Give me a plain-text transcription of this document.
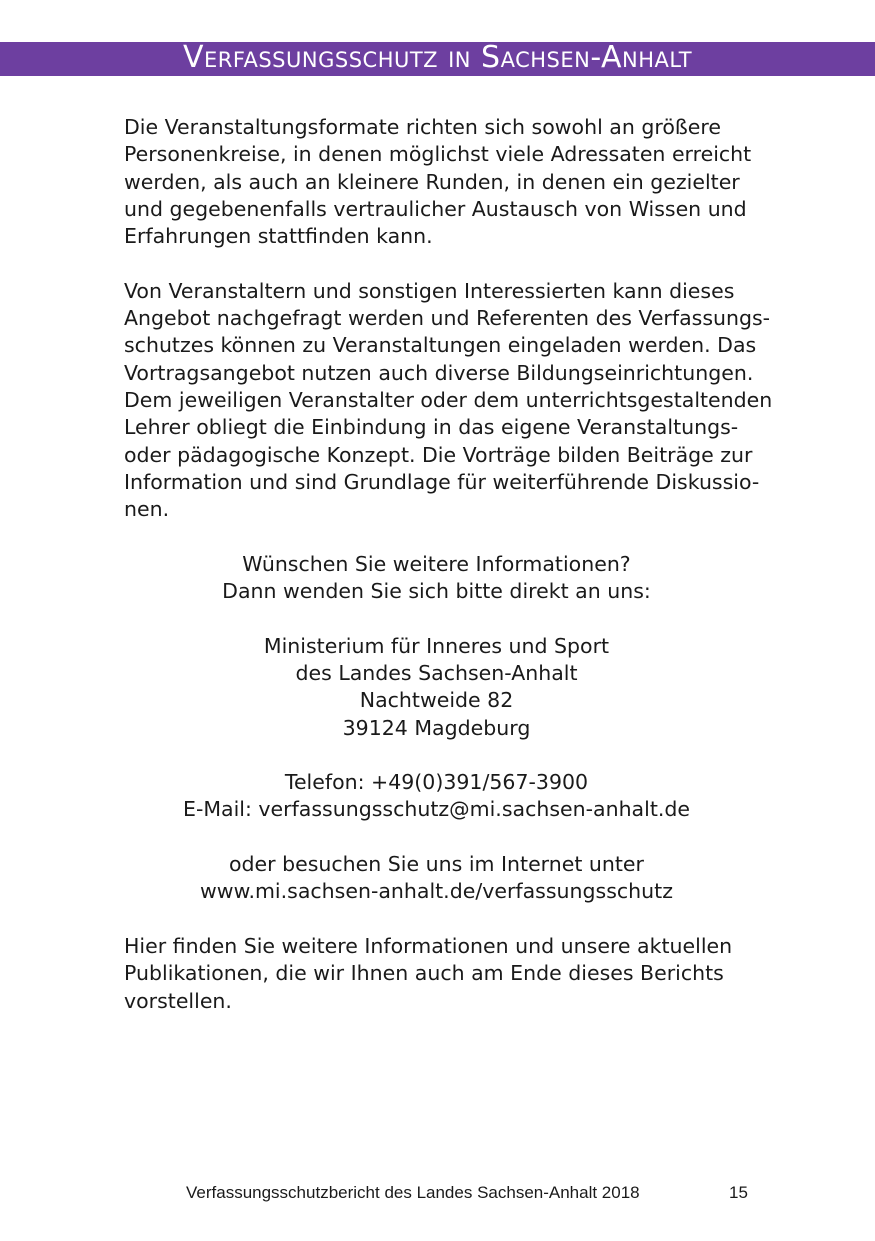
Verfassungsschutz in Sachsen-Anhalt

Die Veranstaltungsformate richten sich sowohl an größere
Personenkreise, in denen möglichst viele Adressaten erreicht
werden, als auch an kleinere Runden, in denen ein gezielter
und gegebenenfalls vertraulicher Austausch von Wissen und
Erfahrungen stattfinden kann.

Von Veranstaltern und sonstigen Interessierten kann dieses
Angebot nachgefragt werden und Referenten des Verfassungs-
schutzes können zu Veranstaltungen eingeladen werden. Das
Vortragsangebot nutzen auch diverse Bildungseinrichtungen.
Dem jeweiligen Veranstalter oder dem unterrichtsgestaltenden
Lehrer obliegt die Einbindung in das eigene Veranstaltungs-
oder pädagogische Konzept. Die Vorträge bilden Beiträge zur
Information und sind Grundlage für weiterführende Diskussio-
nen.

Wünschen Sie weitere Informationen?
Dann wenden Sie sich bitte direkt an uns:
Ministerium für Inneres und Sport
des Landes Sachsen-Anhalt
Nachtweide 82
39124 Magdeburg
Telefon: +49(0)391/567-3900
E-Mail: verfassungsschutz@mi.sachsen-anhalt.de
oder besuchen Sie uns im Internet unter
www.mi.sachsen-anhalt.de/verfassungsschutz

Hier finden Sie weitere Informationen und unsere aktuellen
Publikationen, die wir Ihnen auch am Ende dieses Berichts
vorstellen.

Verfassungsschutzbericht des Landes Sachsen-Anhalt 2018	15
